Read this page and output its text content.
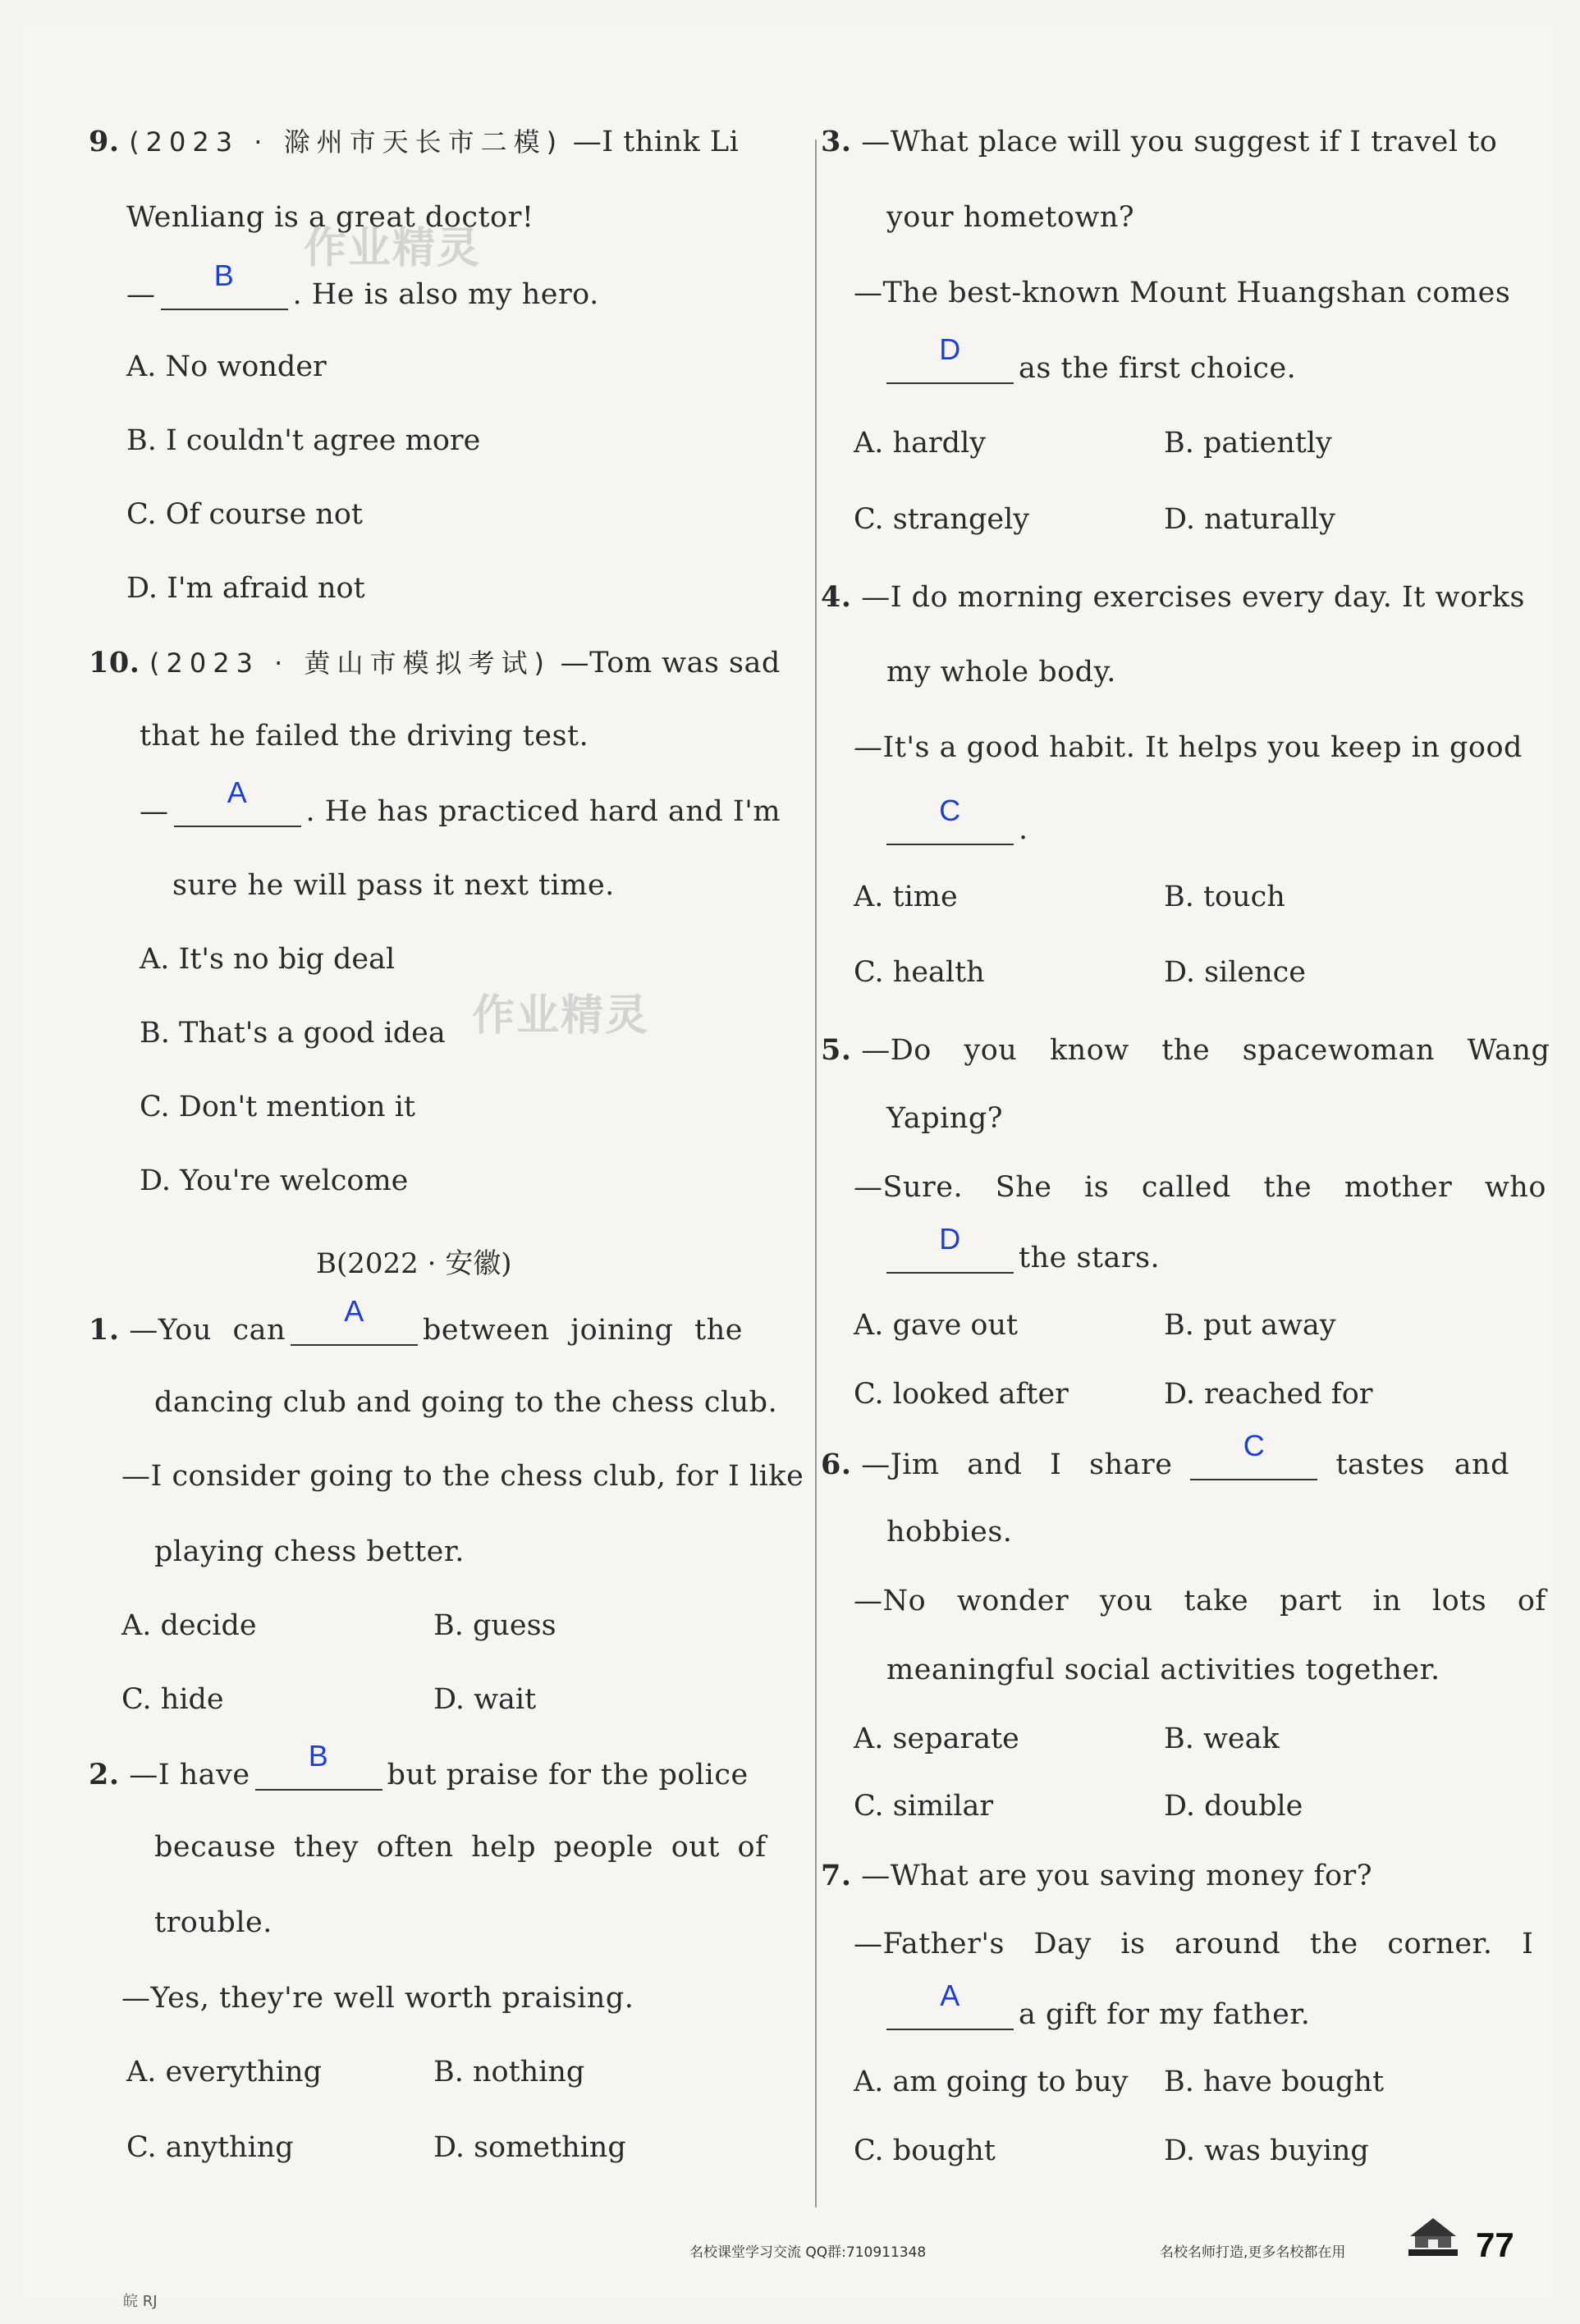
9. (2023 · 滁州市天长市二模) —I think Li
Wenliang is a great doctor!
—
B
. He is also my hero.
A. No wonder
B. I couldn't agree more
C. Of course not
D. I'm afraid not
10. (2023 · 黄山市模拟考试) —Tom was sad
that he failed the driving test.
—
A
. He has practiced hard and I'm
sure he will pass it next time.
A. It's no big deal
B. That's a good idea
C. Don't mention it
D. You're welcome
B(2022 · 安徽)
1. —You can
A
between joining the
dancing club and going to the chess club.
—I consider going to the chess club, for I like
playing chess better.
A. decide	B. guess
C. hide	D. wait
2. —I have
B
but praise for the police
because they often help people out of
trouble.
—Yes, they're well worth praising.
A. everything	B. nothing
C. anything	D. something
3. —What place will you suggest if I travel to
your hometown?
—The best-known Mount Huangshan comes
D
as the first choice.
A. hardly	B. patiently
C. strangely	D. naturally
4. —I do morning exercises every day. It works
my whole body.
—It's a good habit. It helps you keep in good
C
.
A. time	B. touch
C. health	D. silence
5. —Do you know the spacewoman Wang
Yaping?
—Sure. She is called the mother who
D
the stars.
A. gave out	B. put away
C. looked after	D. reached for
6. —Jim and I share
C
tastes and
hobbies.
—No wonder you take part in lots of
meaningful social activities together.
A. separate	B. weak
C. similar	D. double
7. —What are you saving money for?
—Father's Day is around the corner. I
A
a gift for my father.
A. am going to buy B. have bought
C. bought	D. was buying
作业精灵
作业精灵
名校课堂学习交流 QQ群:710911348	名校名师打造,更多名校都在用	77
皖 RJ
